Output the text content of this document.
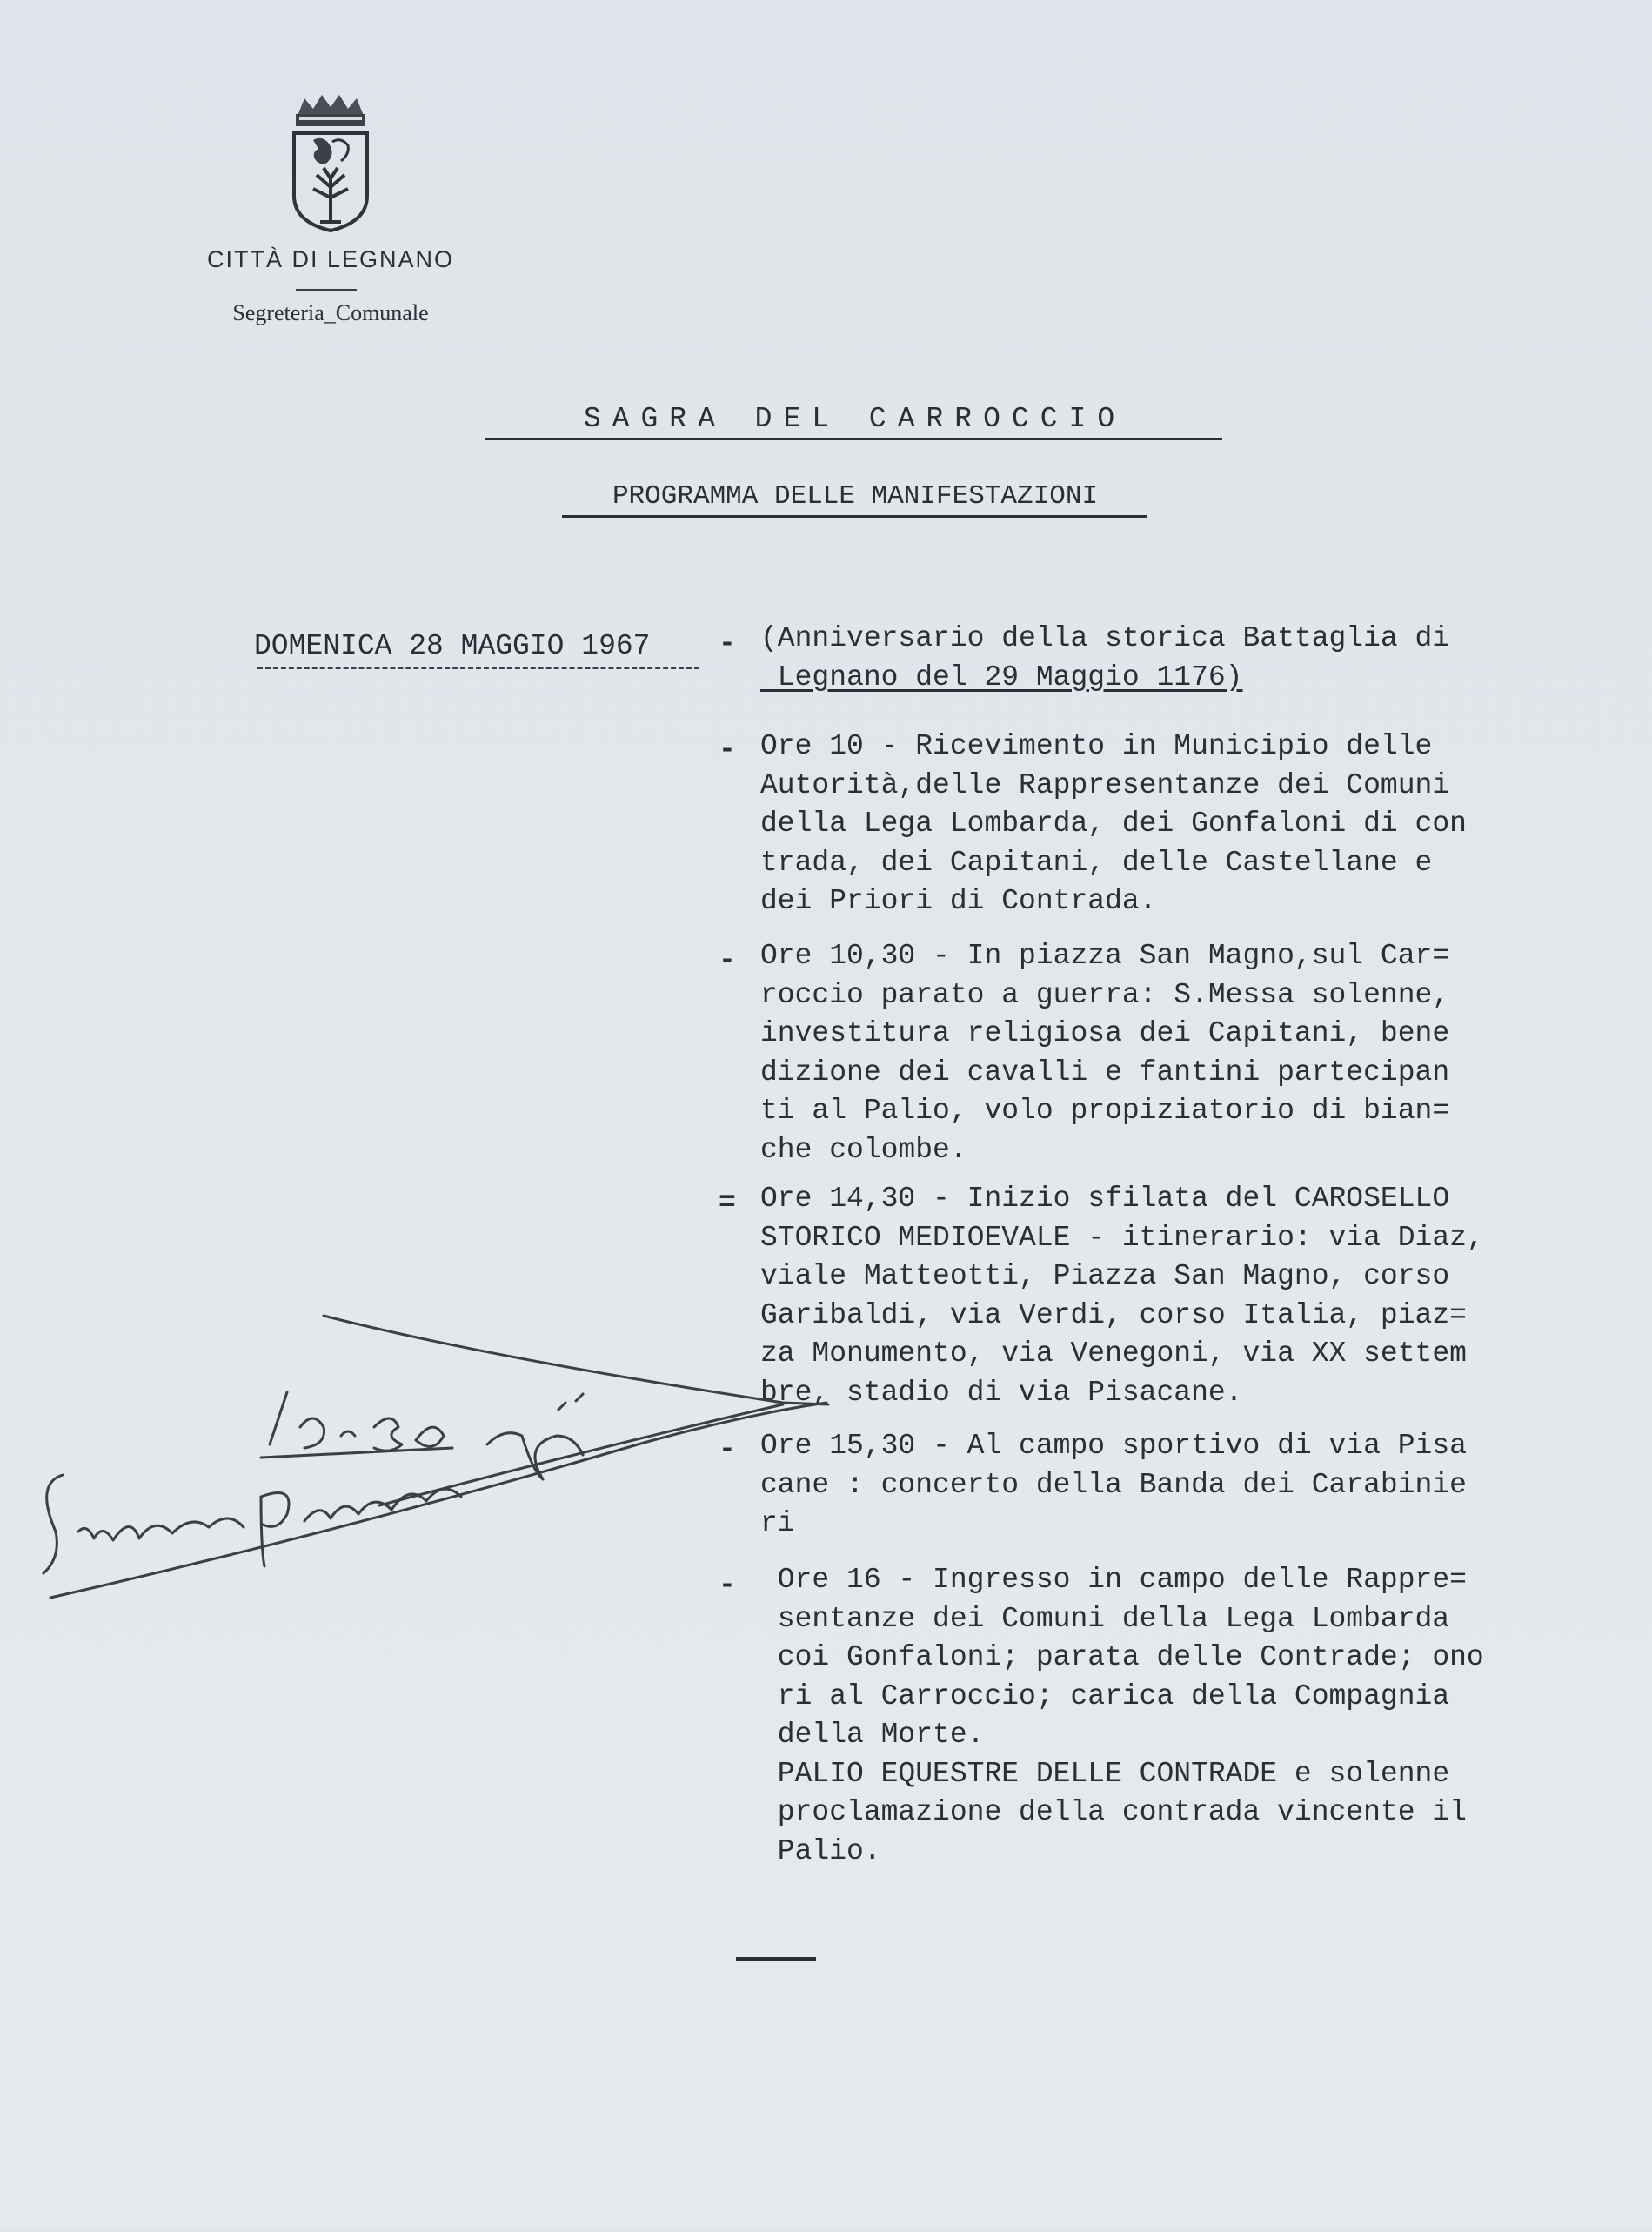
CITTÀ DI LEGNANO
Segreteria_Comunale
SAGRA DEL CARROCCIO
PROGRAMMA DELLE MANIFESTAZIONI
DOMENICA 28 MAGGIO 1967 - (Anniversario della storica Battaglia di
Legnano del 29 Maggio 1176)
- Ore 10 - Ricevimento in Municipio delle
Autorità,delle Rappresentanze dei Comuni
della Lega Lombarda, dei Gonfaloni di con
trada, dei Capitani, delle Castellane e
dei Priori di Contrada.
- Ore 10,30 - In piazza San Magno,sul Car=
roccio parato a guerra: S.Messa solenne,
investitura religiosa dei Capitani, bene
dizione dei cavalli e fantini partecipan
ti al Palio, volo propiziatorio di bian=
che colombe.
= Ore 14,30 - Inizio sfilata del CAROSELLO
STORICO MEDIOEVALE - itinerario: via Diaz,
viale Matteotti, Piazza San Magno, corso
Garibaldi, via Verdi, corso Italia, piaz=
za Monumento, via Venegoni, via XX settem
bre, stadio di via Pisacane.
- Ore 15,30 - Al campo sportivo di via Pisa
cane : concerto della Banda dei Carabinie
ri
- Ore 16 - Ingresso in campo delle Rappre=
sentanze dei Comuni della Lega Lombarda
coi Gonfaloni; parata delle Contrade; ono
ri al Carroccio; carica della Compagnia
della Morte.
PALIO EQUESTRE DELLE CONTRADE e solenne
proclamazione della contrada vincente il
Palio.
